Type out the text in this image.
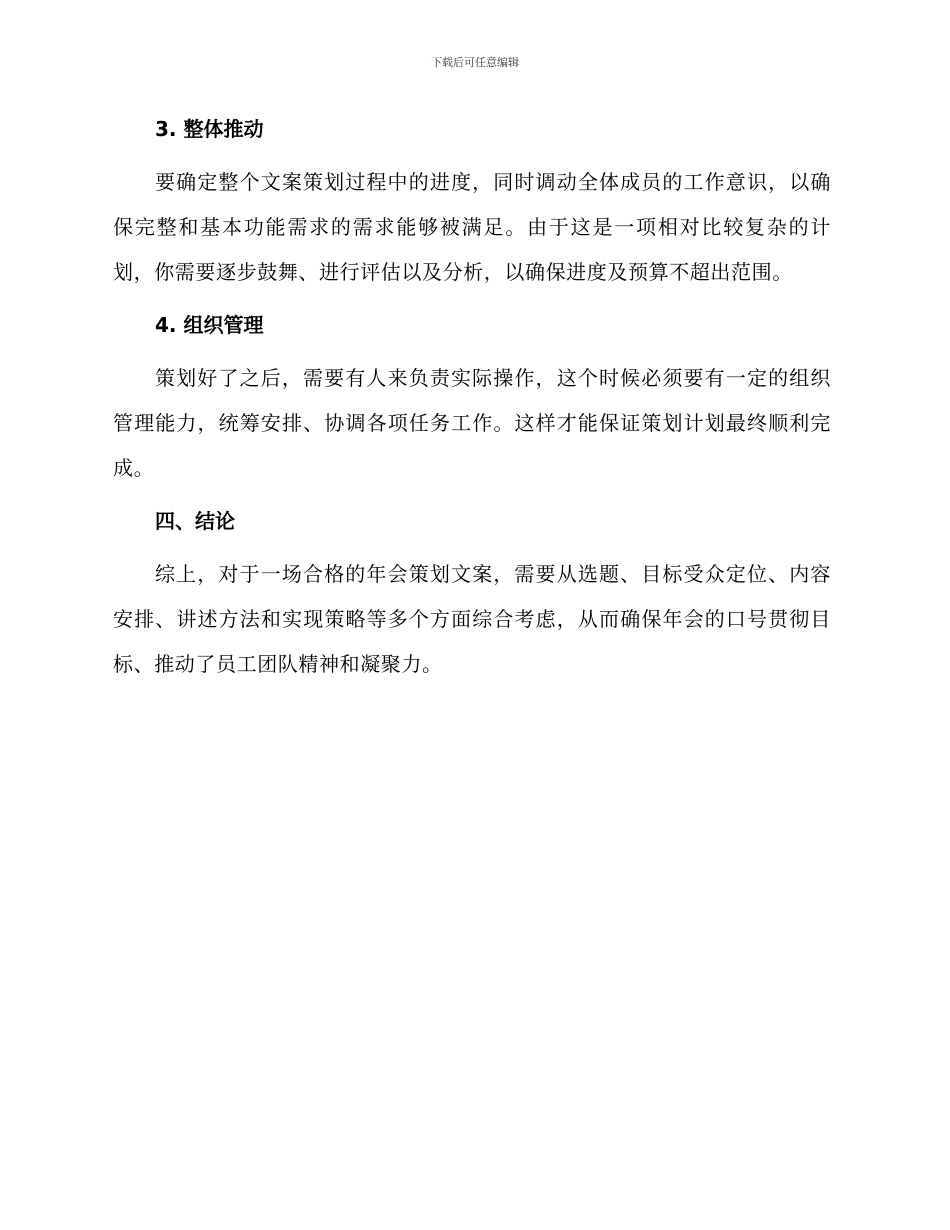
下载后可任意编辑
3. 整体推动

要确定整个文案策划过程中的进度，同时调动全体成员的工作意识，以确保完整和基本功能需求的需求能够被满足。由于这是一项相对比较复杂的计划，你需要逐步鼓舞、进行评估以及分析，以确保进度及预算不超出范围。

4. 组织管理

策划好了之后，需要有人来负责实际操作，这个时候必须要有一定的组织管理能力，统筹安排、协调各项任务工作。这样才能保证策划计划最终顺利完成。

四、结论

综上，对于一场合格的年会策划文案，需要从选题、目标受众定位、内容安排、讲述方法和实现策略等多个方面综合考虑，从而确保年会的口号贯彻目标、推动了员工团队精神和凝聚力。
